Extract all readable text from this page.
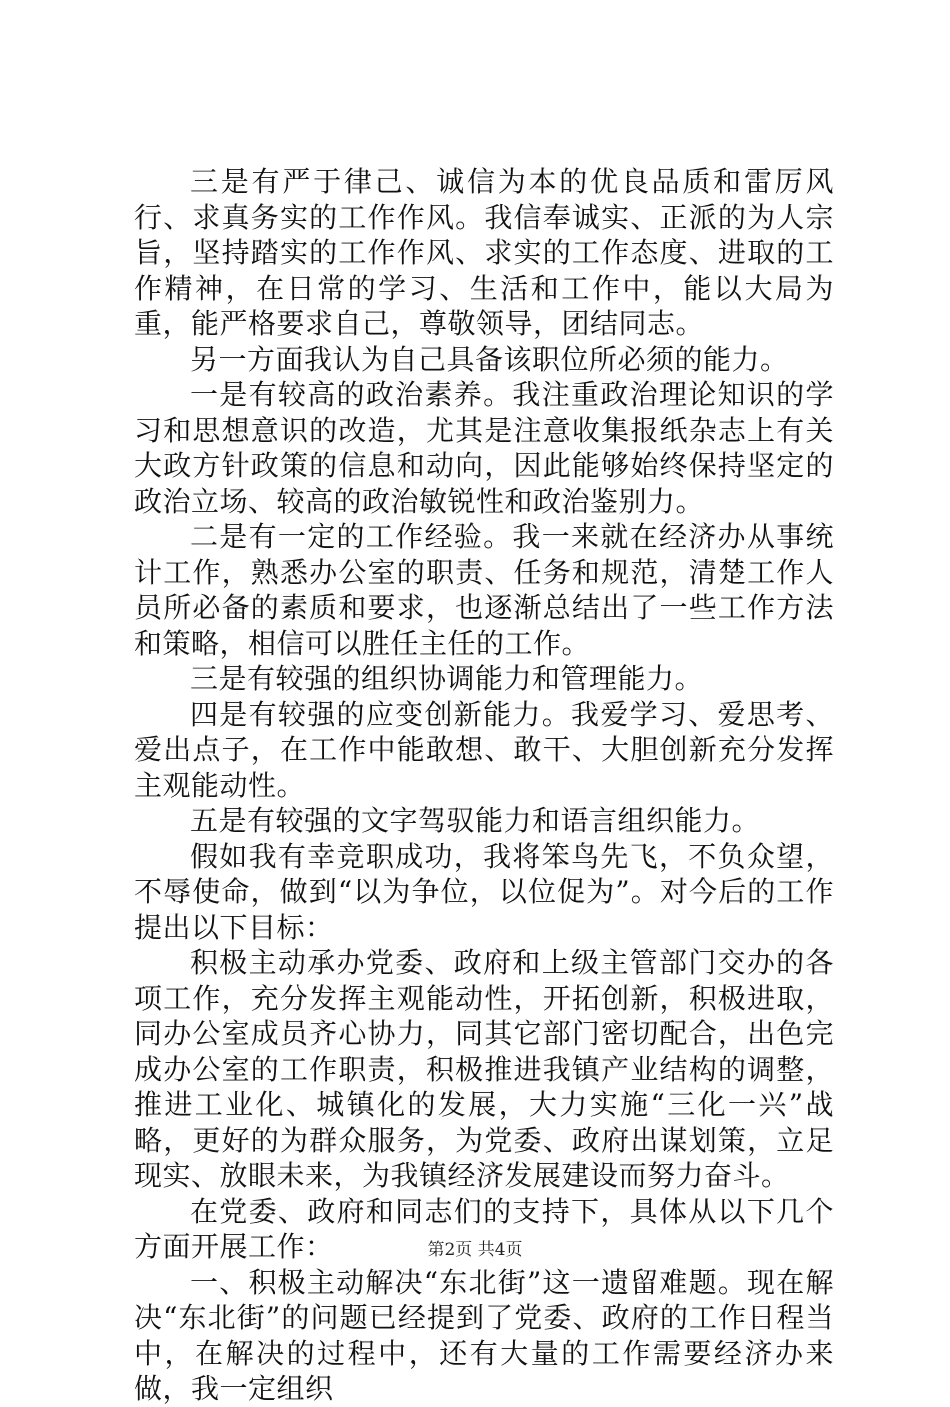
三是有严于律己、诚信为本的优良品质和雷厉风行、求真务实的工作作风。我信奉诚实、正派的为人宗旨，坚持踏实的工作作风、求实的工作态度、进取的工作精神，在日常的学习、生活和工作中，能以大局为重，能严格要求自己，尊敬领导，团结同志。

另一方面我认为自己具备该职位所必须的能力。

一是有较高的政治素养。我注重政治理论知识的学习和思想意识的改造，尤其是注意收集报纸杂志上有关大政方针政策的信息和动向，因此能够始终保持坚定的政治立场、较高的政治敏锐性和政治鉴别力。

二是有一定的工作经验。我一来就在经济办从事统计工作，熟悉办公室的职责、任务和规范，清楚工作人员所必备的素质和要求，也逐渐总结出了一些工作方法和策略，相信可以胜任主任的工作。

三是有较强的组织协调能力和管理能力。

四是有较强的应变创新能力。我爱学习、爱思考、爱出点子，在工作中能敢想、敢干、大胆创新充分发挥主观能动性。

五是有较强的文字驾驭能力和语言组织能力。

假如我有幸竞职成功，我将笨鸟先飞，不负众望，不辱使命，做到“以为争位，以位促为”。对今后的工作提出以下目标：

积极主动承办党委、政府和上级主管部门交办的各项工作，充分发挥主观能动性，开拓创新，积极进取，同办公室成员齐心协力，同其它部门密切配合，出色完成办公室的工作职责，积极推进我镇产业结构的调整，推进工业化、城镇化的发展，大力实施“三化一兴”战略，更好的为群众服务，为党委、政府出谋划策，立足现实、放眼未来，为我镇经济发展建设而努力奋斗。

在党委、政府和同志们的支持下，具体从以下几个方面开展工作：

一、积极主动解决“东北街”这一遗留难题。现在解决“东北街”的问题已经提到了党委、政府的工作日程当中，在解决的过程中，还有大量的工作需要经济办来做，我一定组织

第2页 共4页
